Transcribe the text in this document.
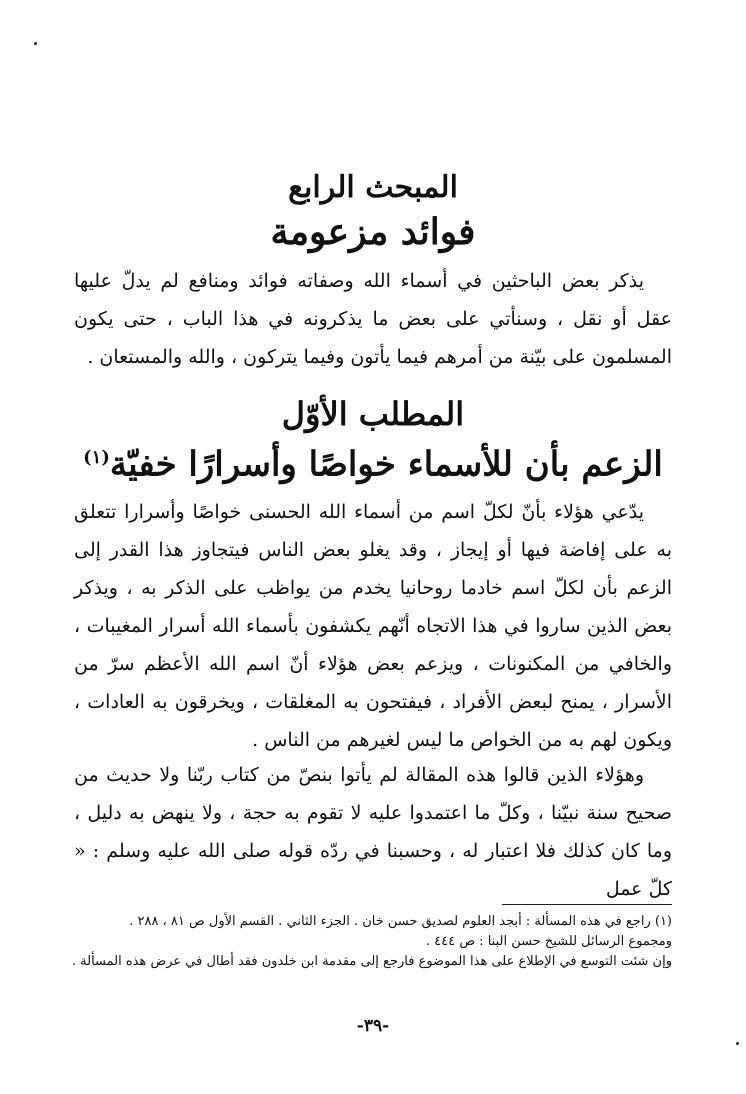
المبحث الرابع
فوائد مزعومة

يذكر بعض الباحثين في أسماء الله وصفاته فوائد ومنافع لم يدلّ عليها عقل أو نقل ، وسنأتي على بعض ما يذكرونه في هذا الباب ، حتى يكون المسلمون على بيّنة من أمرهم فيما يأتون وفيما يتركون ، والله والمستعان .

المطلب الأوّل
الزعم بأن للأسماء خواصًا وأسرارًا خفيّة$^{(١)}$

يدّعي هؤلاء بأنّ لكلّ اسم من أسماء الله الحسنى خواصًا وأسرارا تتعلق به على إفاضة فيها أو إيجاز ، وقد يغلو بعض الناس فيتجاوز هذا القدر إلى الزعم بأن لكلّ اسم خادما روحانيا يخدم من يواظب على الذكر به ، ويذكر بعض الذين ساروا في هذا الاتجاه أنّهم يكشفون بأسماء الله أسرار المغيبات ، والخافي من المكنونات ، ويزعم بعض هؤلاء أنّ اسم الله الأعظم سرّ من الأسرار ، يمنح لبعض الأفراد ، فيفتحون به المغلقات ، ويخرقون به العادات ، ويكون لهم به من الخواص ما ليس لغيرهم من الناس .

وهؤلاء الذين قالوا هذه المقالة لم يأتوا بنصّ من كتاب ربّنا ولا حديث من صحيح سنة نبيّنا ، وكلّ ما اعتمدوا عليه لا تقوم به حجة ، ولا ينهض به دليل ، وما كان كذلك فلا اعتبار له ، وحسبنا في ردّه قوله صلى الله عليه وسلم : « كلّ عمل

(١) راجع في هذه المسألة : أبجد العلوم لصديق حسن خان . الجزء الثاني . القسم الأول ص ٨١ ، ٢٨٨ .
ومجموع الرسائل للشيخ حسن البنا : ص ٤٤٤ .
وإن شئت التوسع في الإطلاع على هذا الموضوع فارجع إلى مقدمة ابن خلدون فقد أطال في عرض هذه المسألة .

-٣٩-
